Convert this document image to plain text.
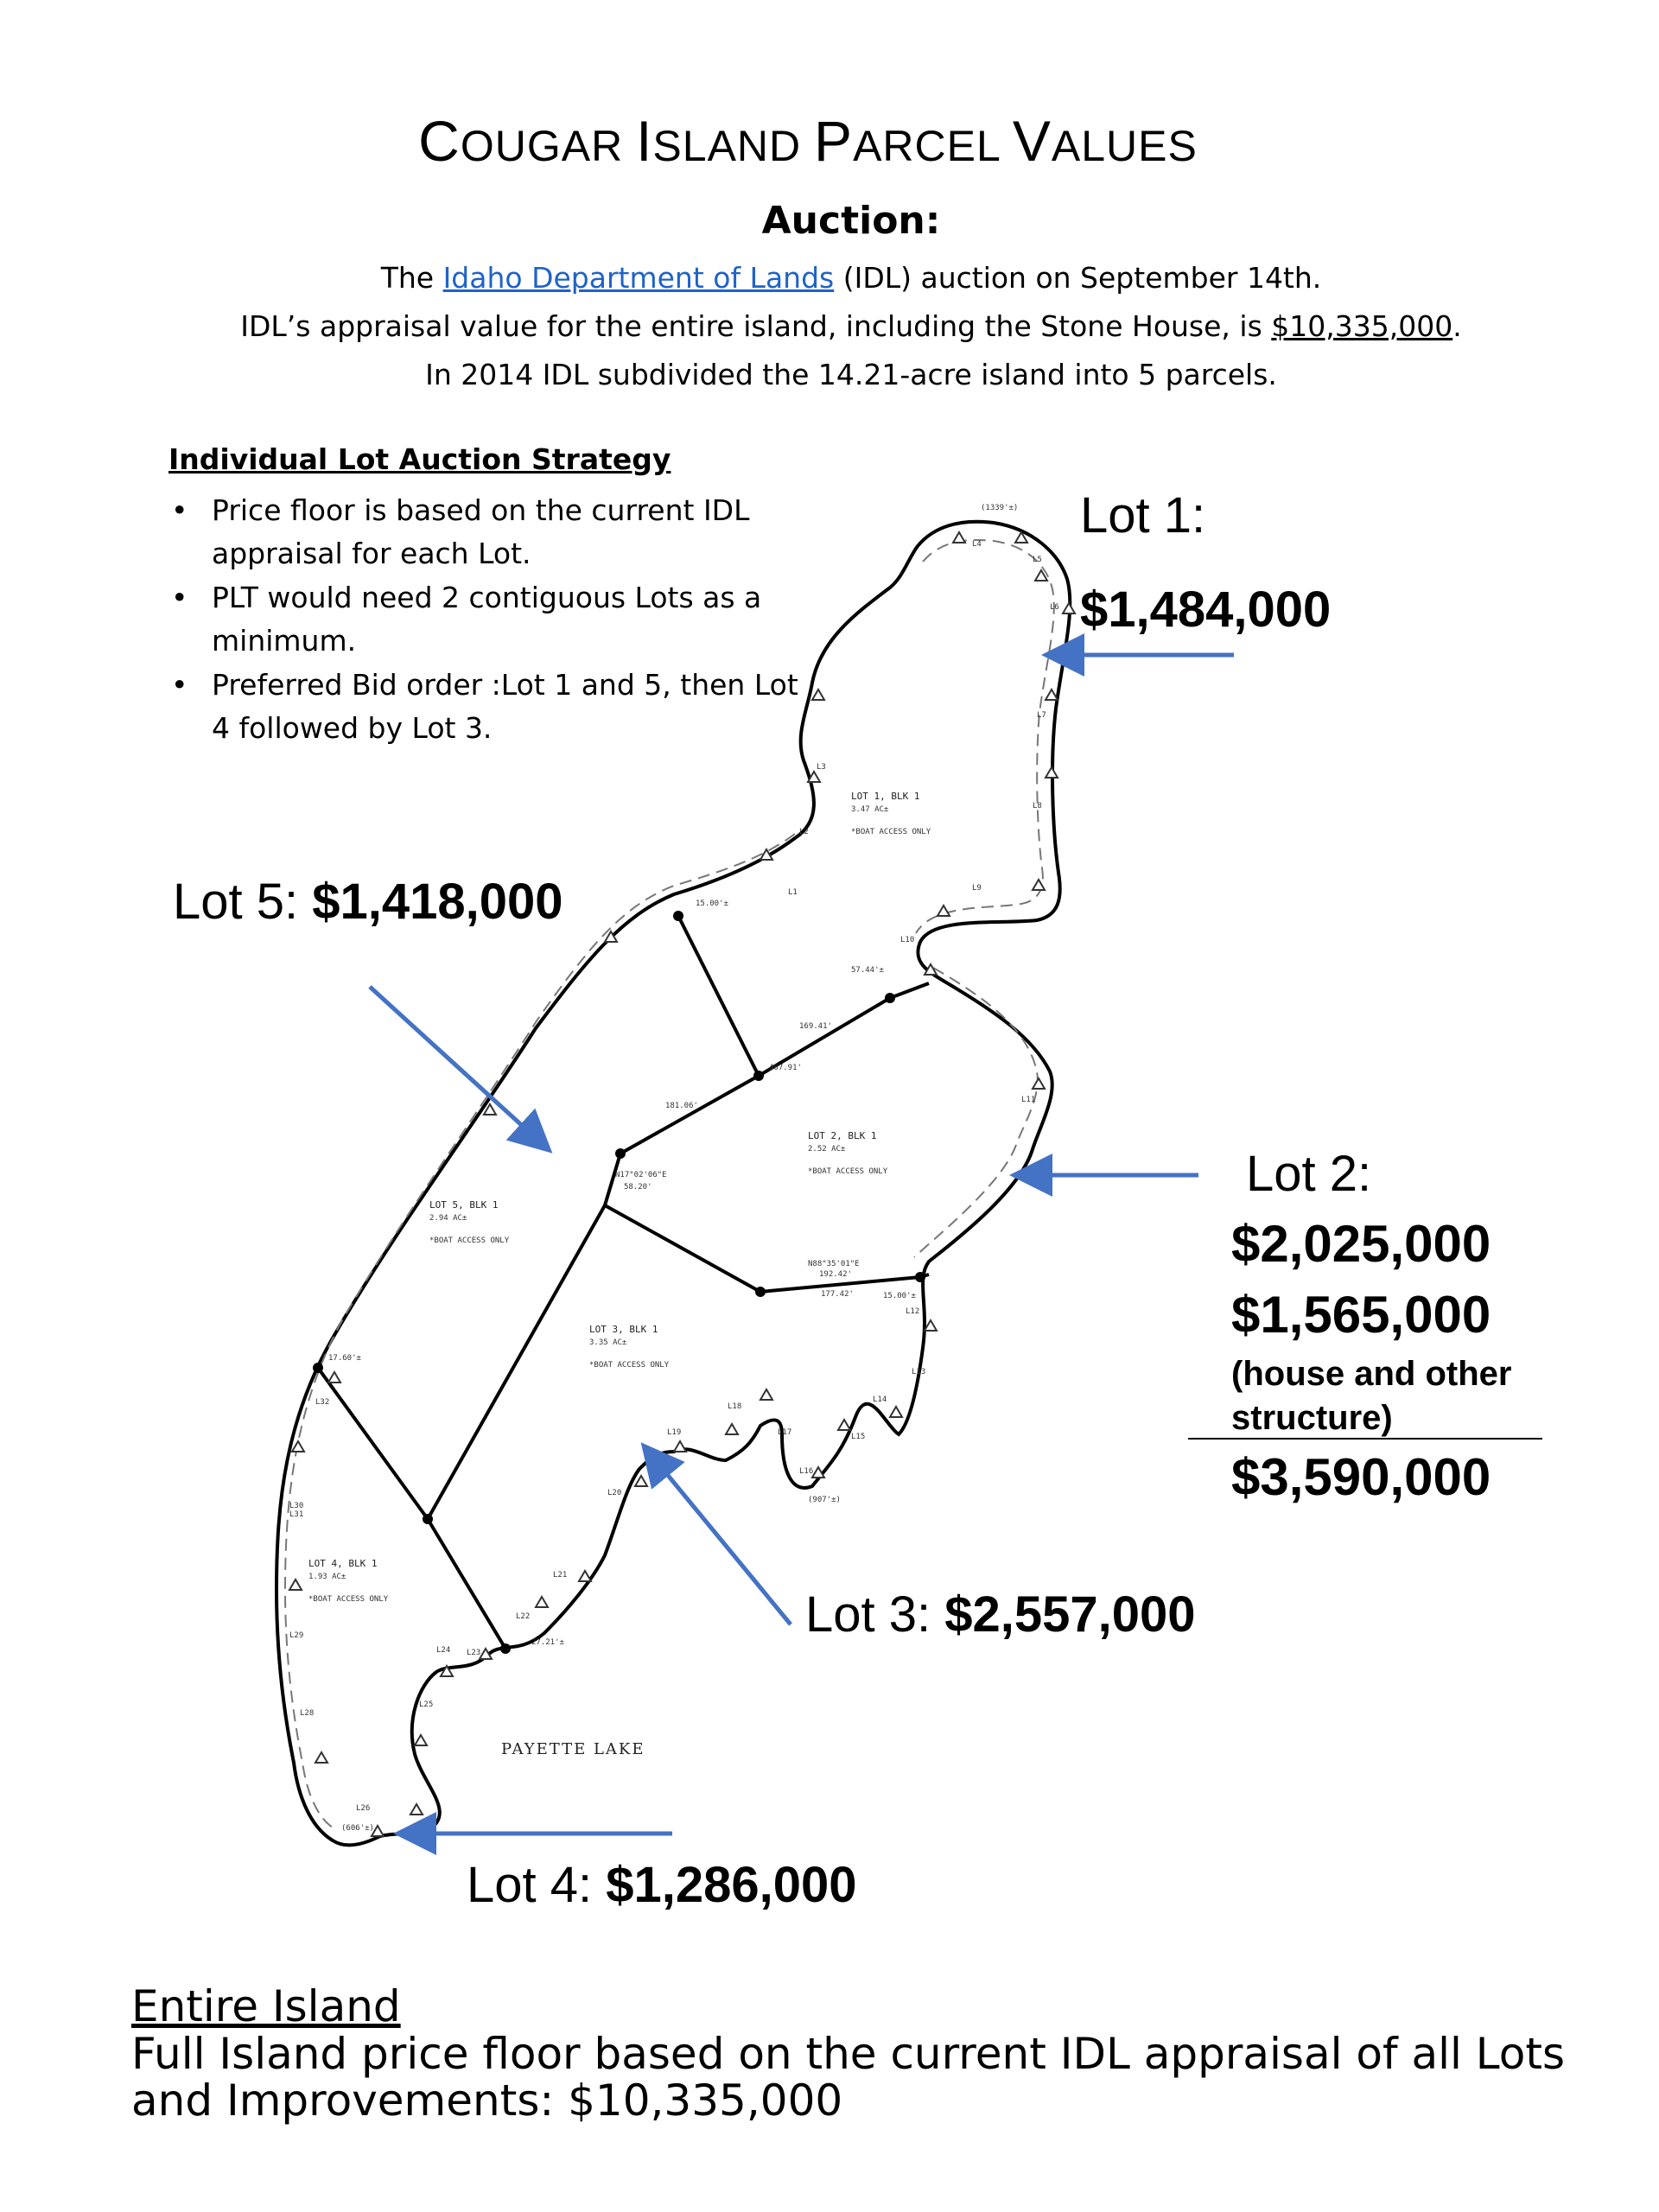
LOT 1, BLK 1
3.47 AC±
*BOAT ACCESS ONLY
LOT 2, BLK 1
2.52 AC±
*BOAT ACCESS ONLY
LOT 3, BLK 1
3.35 AC±
*BOAT ACCESS ONLY
LOT 4, BLK 1
1.93 AC±
*BOAT ACCESS ONLY
LOT 5, BLK 1
2.94 AC±
*BOAT ACCESS ONLY
PAYETTE LAKE
15.00'±
57.44'±
N17°02'06"E
58.20'
N88°35'01"E
192.42'
177.42'	15.00'±
17.60'±
27.21'±
181.06'
407.91'
169.41'
(1339'±)
(907'±)
(606'±)
L1
L2
L3
L4
L5
L6
L7
L8
L9
L10
L11
L12
L13
L14
L15
L16
L17
L18
L19
L20
L21
L22
L23
L24
L25
L26
L27
L28
L29
L30
L31
L32
COUGAR ISLAND PARCEL VALUES
Auction:
The Idaho Department of Lands (IDL) auction on September 14th.
IDL’s appraisal value for the entire island, including the Stone House, is $10,335,000.
In 2014 IDL subdivided the 14.21-acre island into 5 parcels.
Individual Lot Auction Strategy
• Price floor is based on the current IDL appraisal for each Lot.
• PLT would need 2 contiguous Lots as a minimum.
• Preferred Bid order :Lot 1 and 5, then Lot 4 followed by Lot 3.
Lot 1:
$1,484,000
Lot 5: $1,418,000
Lot 2:
$2,025,000
$1,565,000
(house and other structure)
$3,590,000
Lot 3: $2,557,000
Lot 4: $1,286,000
Entire Island
Full Island price floor based on the current IDL appraisal of all Lots and Improvements: $10,335,000
